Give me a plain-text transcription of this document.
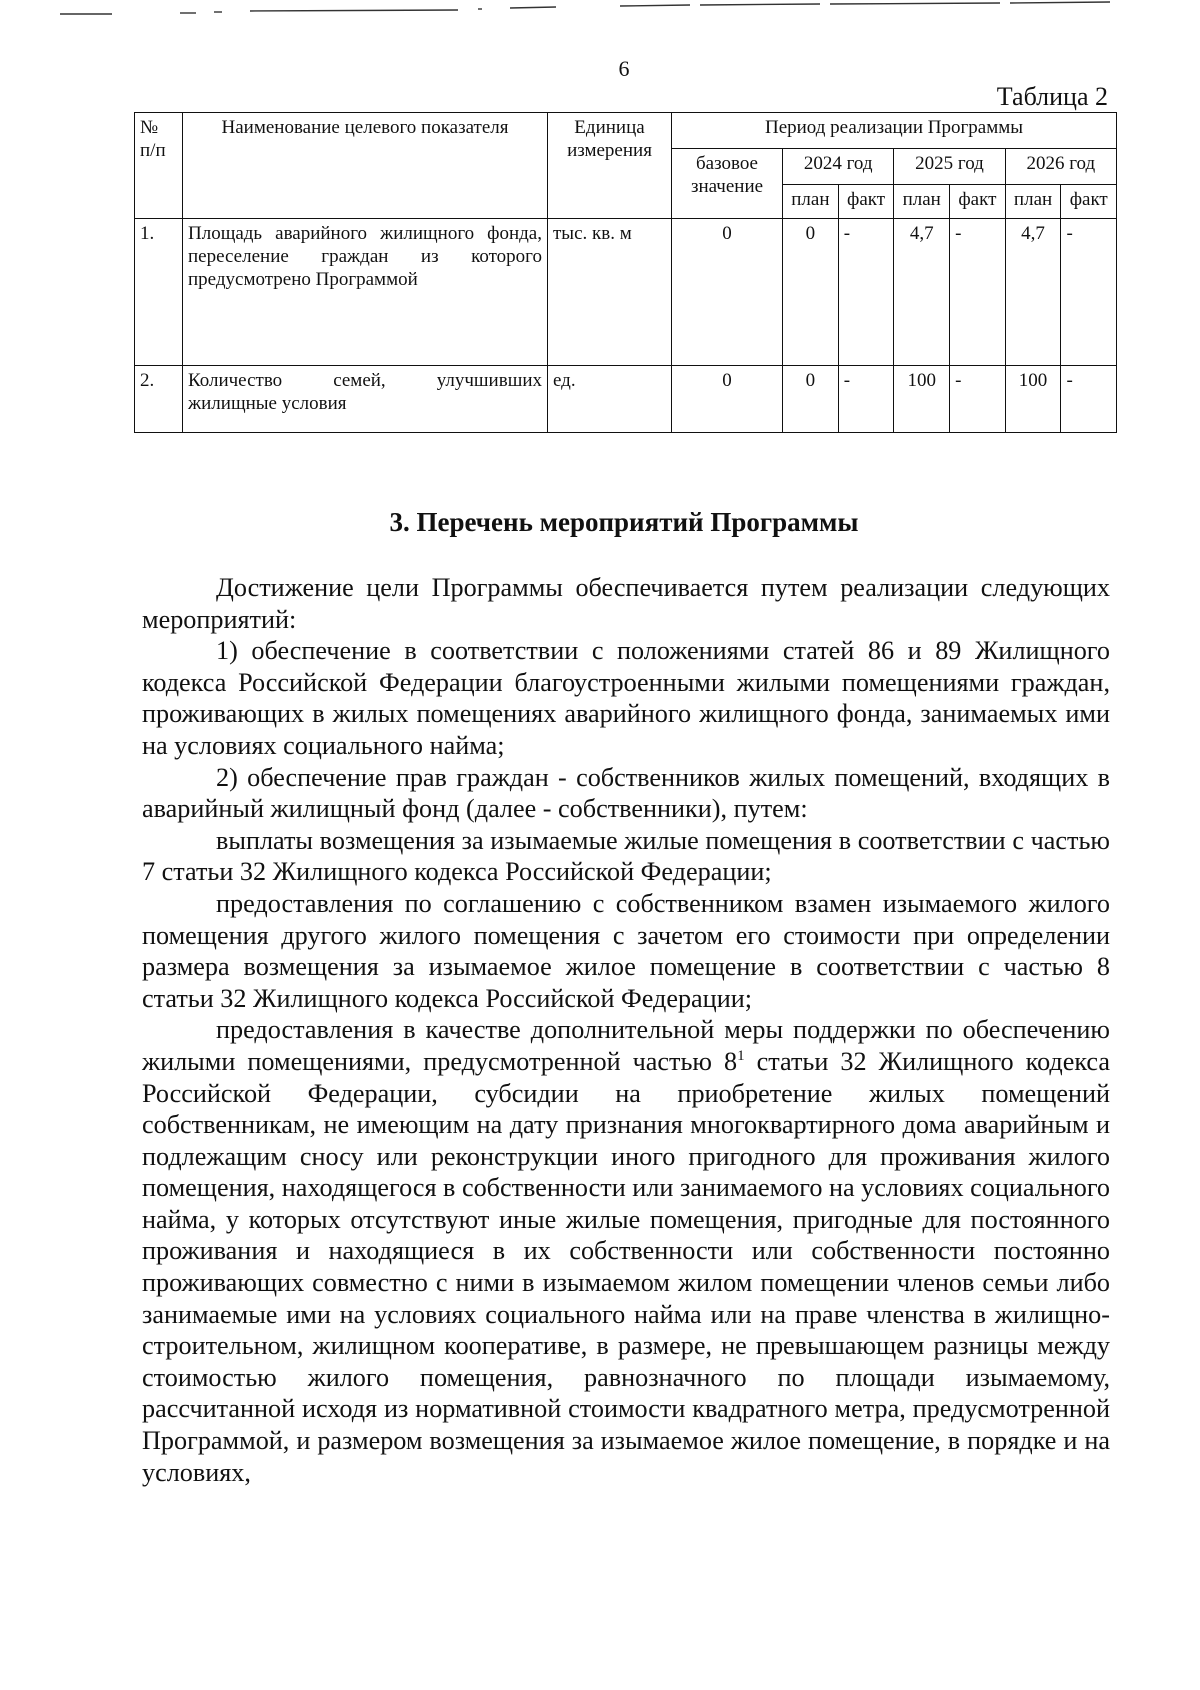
6
Таблица 2
№ п/п	Наименование целевого показателя	Единица измерения	Период реализации Программы						
			базовое значение	2024 год		2025 год		2026 год	
				план	факт	план	факт	план	факт
1.	Площадь аварийного жилищного фонда, переселение граждан из которого предусмотрено Программой	тыс. кв. м	0	0	-	4,7	-	4,7	-
2.	Количество семей, улучшивших жилищные условия	ед.	0	0	-	100	-	100	-
3. Перечень мероприятий Программы

Достижение цели Программы обеспечивается путем реализации следующих мероприятий:

1) обеспечение в соответствии с положениями статей 86 и 89 Жилищного кодекса Российской Федерации благоустроенными жилыми помещениями граждан, проживающих в жилых помещениях аварийного жилищного фонда, занимаемых ими на условиях социального найма;

2) обеспечение прав граждан - собственников жилых помещений, входящих в аварийный жилищный фонд (далее - собственники), путем:

выплаты возмещения за изымаемые жилые помещения в соответствии с частью 7 статьи 32 Жилищного кодекса Российской Федерации;

предоставления по соглашению с собственником взамен изымаемого жилого помещения другого жилого помещения с зачетом его стоимости при определении размера возмещения за изымаемое жилое помещение в соответствии с частью 8 статьи 32 Жилищного кодекса Российской Федерации;

предоставления в качестве дополнительной меры поддержки по обеспечению жилыми помещениями, предусмотренной частью $8^1$ статьи 32 Жилищного кодекса Российской Федерации, субсидии на приобретение жилых помещений собственникам, не имеющим на дату признания многоквартирного дома аварийным и подлежащим сносу или реконструкции иного пригодного для проживания жилого помещения, находящегося в собственности или занимаемого на условиях социального найма, у которых отсутствуют иные жилые помещения, пригодные для постоянного проживания и находящиеся в их собственности или собственности постоянно проживающих совместно с ними в изымаемом жилом помещении членов семьи либо занимаемые ими на условиях социального найма или на праве членства в жилищно-строительном, жилищном кооперативе, в размере, не превышающем разницы между стоимостью жилого помещения, равнозначного по площади изымаемому, рассчитанной исходя из нормативной стоимости квадратного метра, предусмотренной Программой, и размером возмещения за изымаемое жилое помещение, в порядке и на условиях,
